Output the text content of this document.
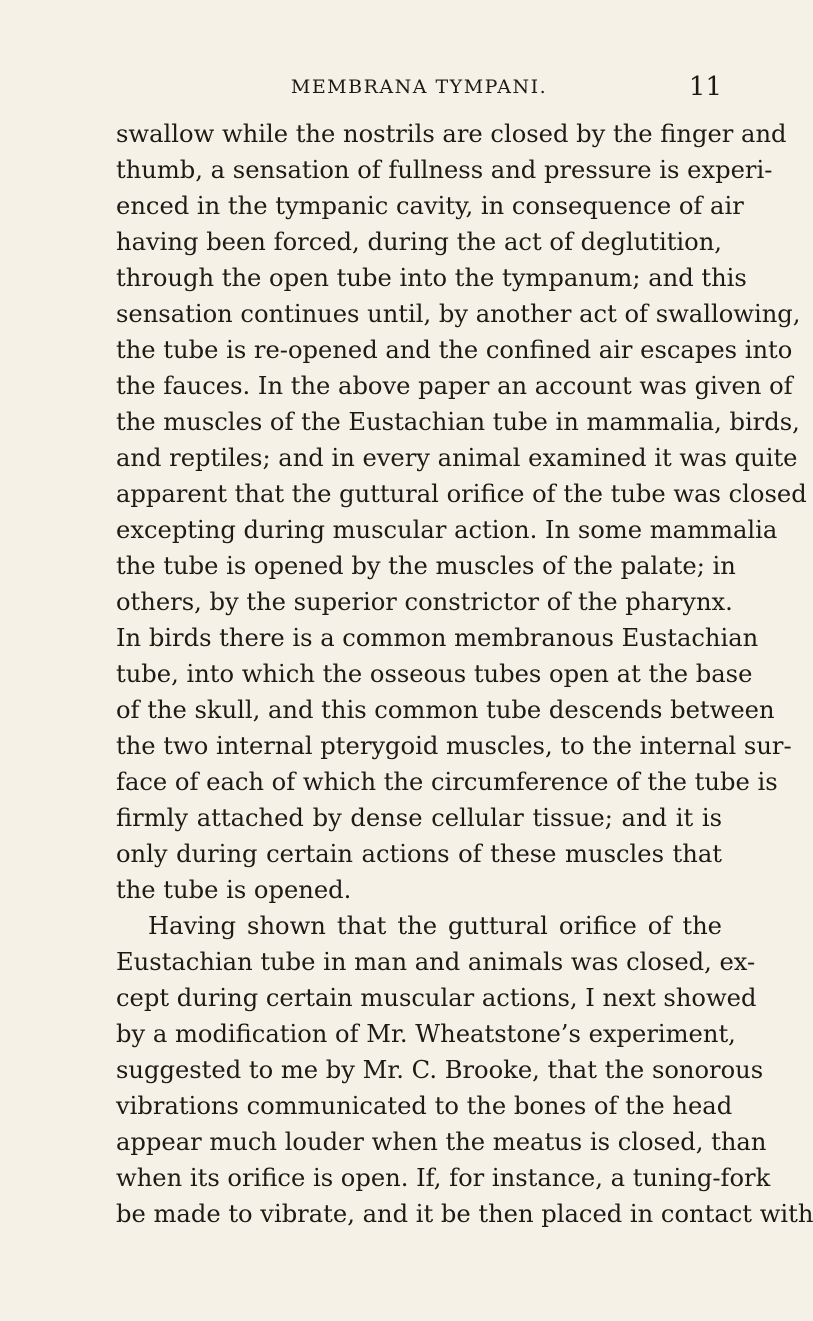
MEMBRANA TYMPANI.	11
swallow while the nostrils are closed by the finger and
thumb, a sensation of fullness and pressure is experi-
enced in the tympanic cavity, in consequence of air
having been forced, during the act of deglutition,
through the open tube into the tympanum; and this
sensation continues until, by another act of swallowing,
the tube is re-opened and the confined air escapes into
the fauces. In the above paper an account was given of
the muscles of the Eustachian tube in mammalia, birds,
and reptiles; and in every animal examined it was quite
apparent that the guttural orifice of the tube was closed
excepting during muscular action. In some mammalia
the tube is opened by the muscles of the palate; in
others, by the superior constrictor of the pharynx.
In birds there is a common membranous Eustachian
tube, into which the osseous tubes open at the base
of the skull, and this common tube descends between
the two internal pterygoid muscles, to the internal sur-
face of each of which the circumference of the tube is
firmly attached by dense cellular tissue; and it is
only during certain actions of these muscles that
the tube is opened.
Having shown that the guttural orifice of the
Eustachian tube in man and animals was closed, ex-
cept during certain muscular actions, I next showed
by a modification of Mr. Wheatstone’s experiment,
suggested to me by Mr. C. Brooke, that the sonorous
vibrations communicated to the bones of the head
appear much louder when the meatus is closed, than
when its orifice is open. If, for instance, a tuning-fork
be made to vibrate, and it be then placed in contact with
